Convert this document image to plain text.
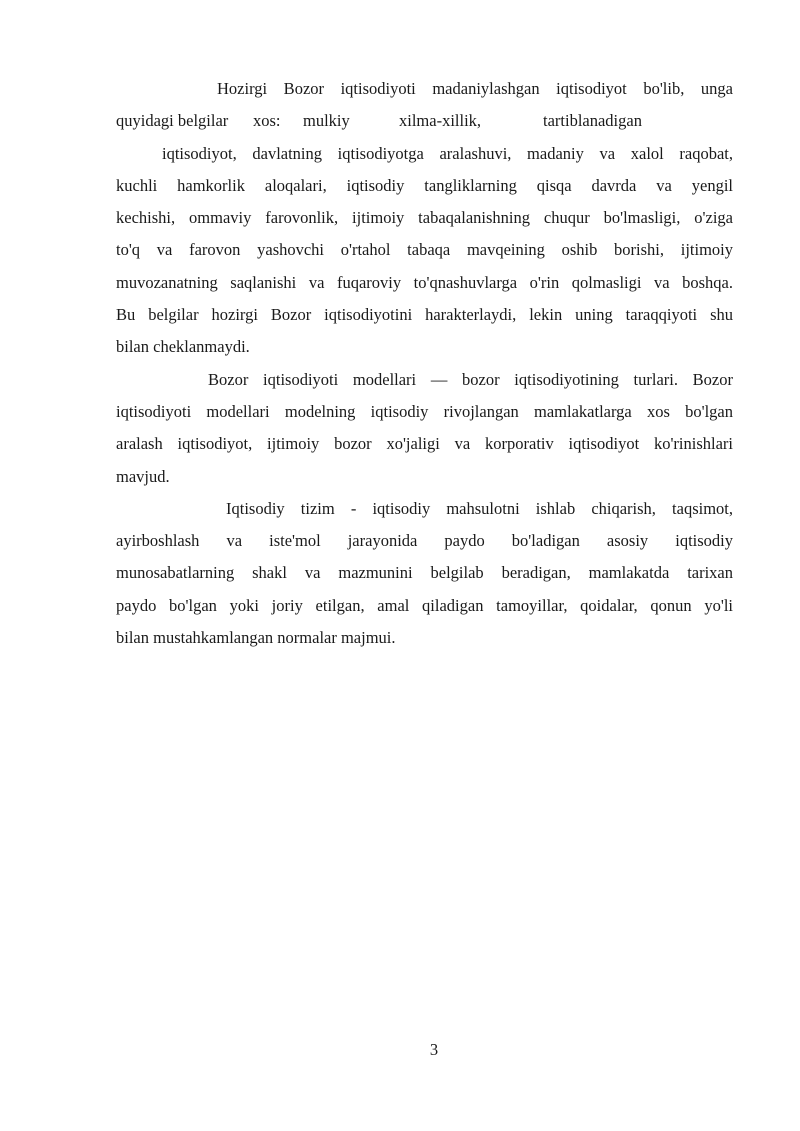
Hozirgi Bozor iqtisodiyoti madaniylashgan iqtisodiyot bo'lib, unga
quyidagi belgilar	xos:	mulkiy	xilma-xillik,	tartiblanadigan
iqtisodiyot, davlatning iqtisodiyotga aralashuvi, madaniy va xalol raqobat,
kuchli hamkorlik aloqalari, iqtisodiy tangliklarning qisqa davrda va yengil
kechishi, ommaviy farovonlik, ijtimoiy tabaqalanishning chuqur bo'lmasligi, o'ziga
to'q va farovon yashovchi o'rtahol tabaqa mavqeining oshib borishi, ijtimoiy
muvozanatning saqlanishi va fuqaroviy to'qnashuvlarga o'rin qolmasligi va boshqa.
Bu belgilar hozirgi Bozor iqtisodiyotini harakterlaydi, lekin uning taraqqiyoti shu
bilan cheklanmaydi.

Bozor iqtisodiyoti modellari — bozor iqtisodiyotining turlari. Bozor
iqtisodiyoti modellari modelning iqtisodiy rivojlangan mamlakatlarga xos bo'lgan
aralash iqtisodiyot, ijtimoiy bozor xo'jaligi va korporativ iqtisodiyot ko'rinishlari
mavjud.

Iqtisodiy tizim - iqtisodiy mahsulotni ishlab chiqarish, taqsimot,
ayirboshlash va iste'mol jarayonida paydo bo'ladigan asosiy iqtisodiy
munosabatlarning shakl va mazmunini belgilab beradigan, mamlakatda tarixan
paydo bo'lgan yoki joriy etilgan, amal qiladigan tamoyillar, qoidalar, qonun yo'li
bilan mustahkamlangan normalar majmui.

3
